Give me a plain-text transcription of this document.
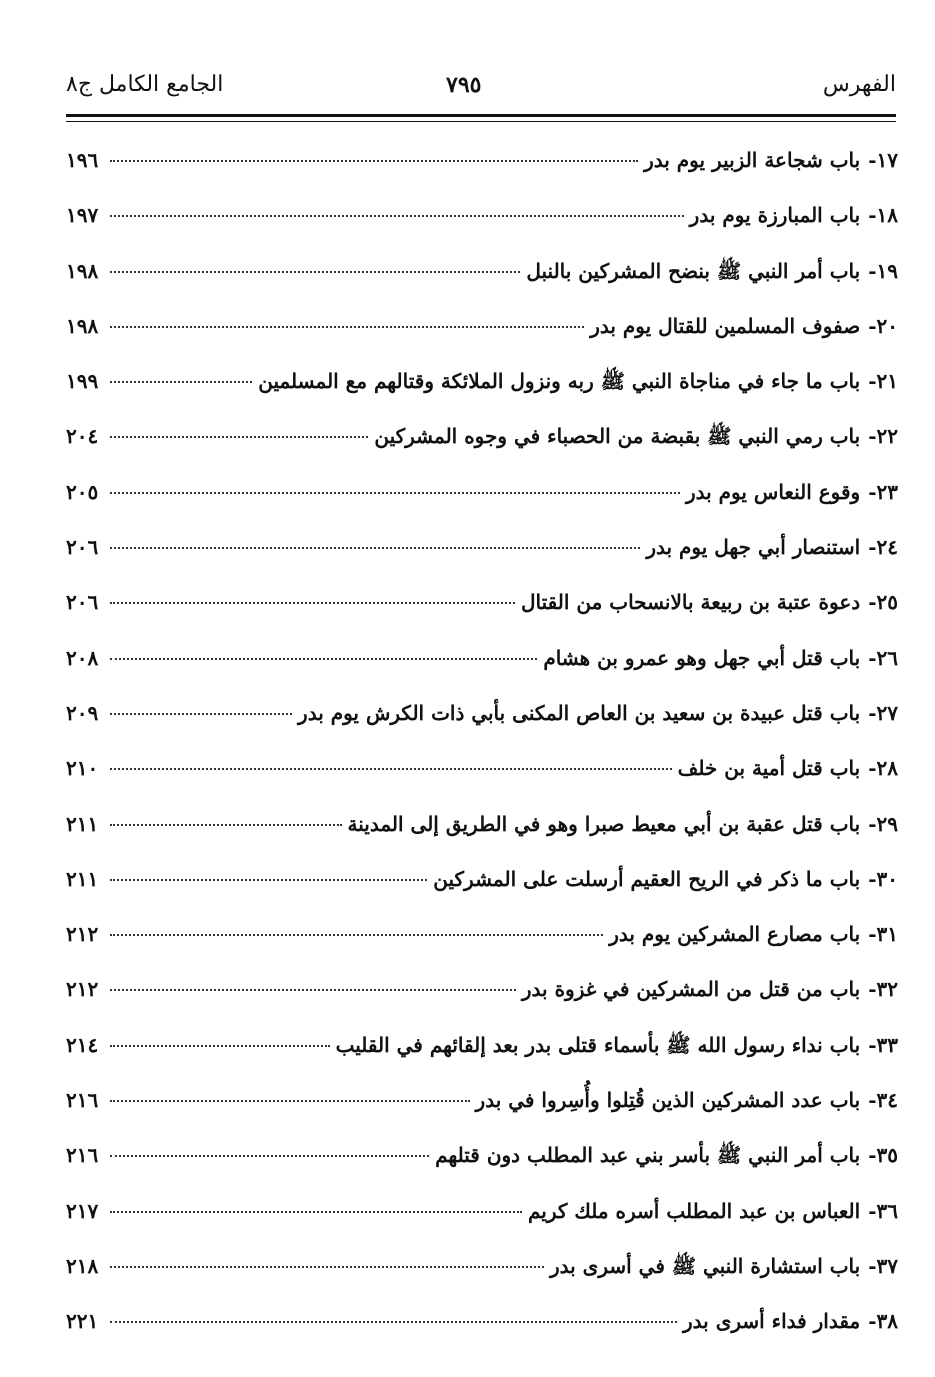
الفهرس
٧٩٥
الجامع الكامل ج٨
١٧
-
باب شجاعة الزبير يوم بدر
١٩٦
١٨
-
باب المبارزة يوم بدر
١٩٧
١٩
-
باب أمر النبي ﷺ بنضح المشركين بالنبل
١٩٨
٢٠
-
صفوف المسلمين للقتال يوم بدر
١٩٨
٢١
-
باب ما جاء في مناجاة النبي ﷺ ربه ونزول الملائكة وقتالهم مع المسلمين
١٩٩
٢٢
-
باب رمي النبي ﷺ بقبضة من الحصباء في وجوه المشركين
٢٠٤
٢٣
-
وقوع النعاس يوم بدر
٢٠٥
٢٤
-
استنصار أبي جهل يوم بدر
٢٠٦
٢٥
-
دعوة عتبة بن ربيعة بالانسحاب من القتال
٢٠٦
٢٦
-
باب قتل أبي جهل وهو عمرو بن هشام
٢٠٨
٢٧
-
باب قتل عبيدة بن سعيد بن العاص المكنى بأبي ذات الكرش يوم بدر
٢٠٩
٢٨
-
باب قتل أمية بن خلف
٢١٠
٢٩
-
باب قتل عقبة بن أبي معيط صبرا وهو في الطريق إلى المدينة
٢١١
٣٠
-
باب ما ذكر في الريح العقيم أرسلت على المشركين
٢١١
٣١
-
باب مصارع المشركين يوم بدر
٢١٢
٣٢
-
باب من قتل من المشركين في غزوة بدر
٢١٢
٣٣
-
باب نداء رسول الله ﷺ بأسماء قتلى بدر بعد إلقائهم في القليب
٢١٤
٣٤
-
باب عدد المشركين الذين قُتِلوا وأُسِروا في بدر
٢١٦
٣٥
-
باب أمر النبي ﷺ بأسر بني عبد المطلب دون قتلهم
٢١٦
٣٦
-
العباس بن عبد المطلب أسره ملك كريم
٢١٧
٣٧
-
باب استشارة النبي ﷺ في أسرى بدر
٢١٨
٣٨
-
مقدار فداء أسرى بدر
٢٢١
